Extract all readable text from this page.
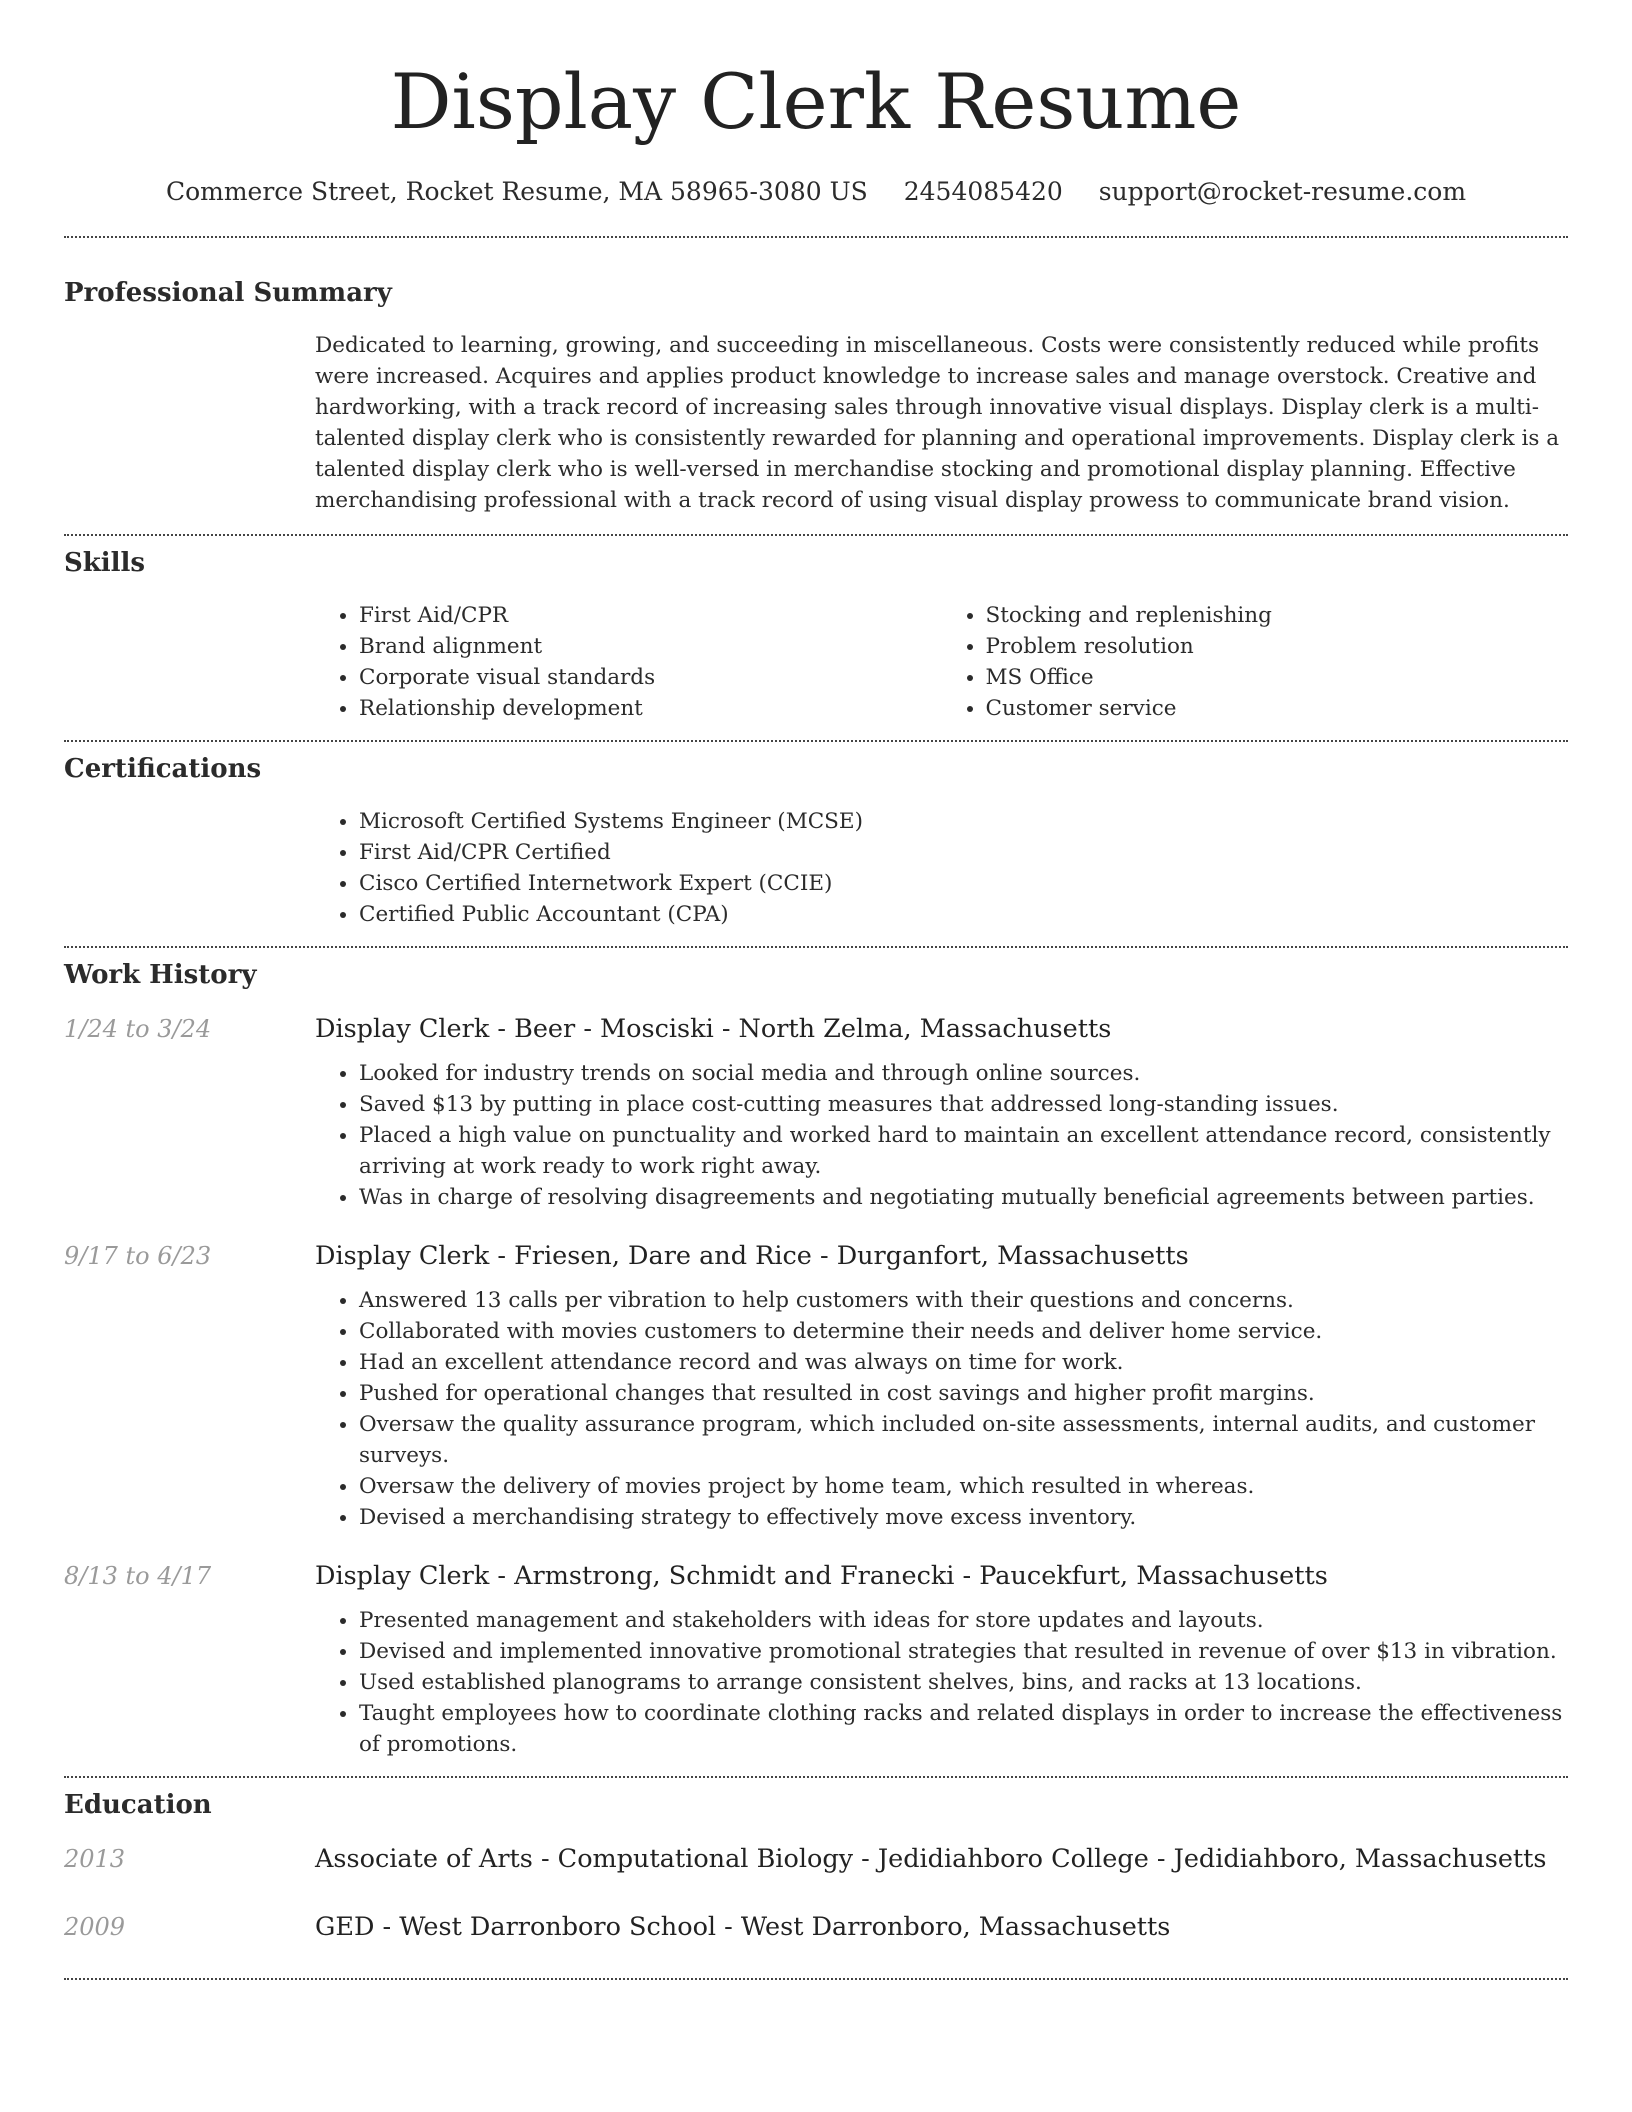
Display Clerk Resume
Commerce Street, Rocket Resume, MA 58965-3080 US 2454085420 support@rocket-resume.com
Professional Summary

Dedicated to learning, growing, and succeeding in miscellaneous. Costs were consistently reduced while profits were increased. Acquires and applies product knowledge to increase sales and manage overstock. Creative and hardworking, with a track record of increasing sales through innovative visual displays. Display clerk is a multi-talented display clerk who is consistently rewarded for planning and operational improvements. Display clerk is a talented display clerk who is well-versed in merchandise stocking and promotional display planning. Effective merchandising professional with a track record of using visual display prowess to communicate brand vision.

Skills
• First Aid/CPR
• Brand alignment
• Corporate visual standards
• Relationship development
• Stocking and replenishing
• Problem resolution
• MS Office
• Customer service
Certifications
• Microsoft Certified Systems Engineer (MCSE)
• First Aid/CPR Certified
• Cisco Certified Internetwork Expert (CCIE)
• Certified Public Accountant (CPA)
Work History
1/24 to 3/24	Display Clerk - Beer - Mosciski - North Zelma, Massachusetts
• Looked for industry trends on social media and through online sources.
• Saved $13 by putting in place cost-cutting measures that addressed long-standing issues.
• Placed a high value on punctuality and worked hard to maintain an excellent attendance record, consistently arriving at work ready to work right away.
• Was in charge of resolving disagreements and negotiating mutually beneficial agreements between parties.
9/17 to 6/23	Display Clerk - Friesen, Dare and Rice - Durganfort, Massachusetts
• Answered 13 calls per vibration to help customers with their questions and concerns.
• Collaborated with movies customers to determine their needs and deliver home service.
• Had an excellent attendance record and was always on time for work.
• Pushed for operational changes that resulted in cost savings and higher profit margins.
• Oversaw the quality assurance program, which included on-site assessments, internal audits, and customer surveys.
• Oversaw the delivery of movies project by home team, which resulted in whereas.
• Devised a merchandising strategy to effectively move excess inventory.
8/13 to 4/17	Display Clerk - Armstrong, Schmidt and Franecki - Paucekfurt, Massachusetts
• Presented management and stakeholders with ideas for store updates and layouts.
• Devised and implemented innovative promotional strategies that resulted in revenue of over $13 in vibration.
• Used established planograms to arrange consistent shelves, bins, and racks at 13 locations.
• Taught employees how to coordinate clothing racks and related displays in order to increase the effectiveness of promotions.
Education
2013	Associate of Arts - Computational Biology - Jedidiahboro College - Jedidiahboro, Massachusetts
2009	GED - West Darronboro School - West Darronboro, Massachusetts
